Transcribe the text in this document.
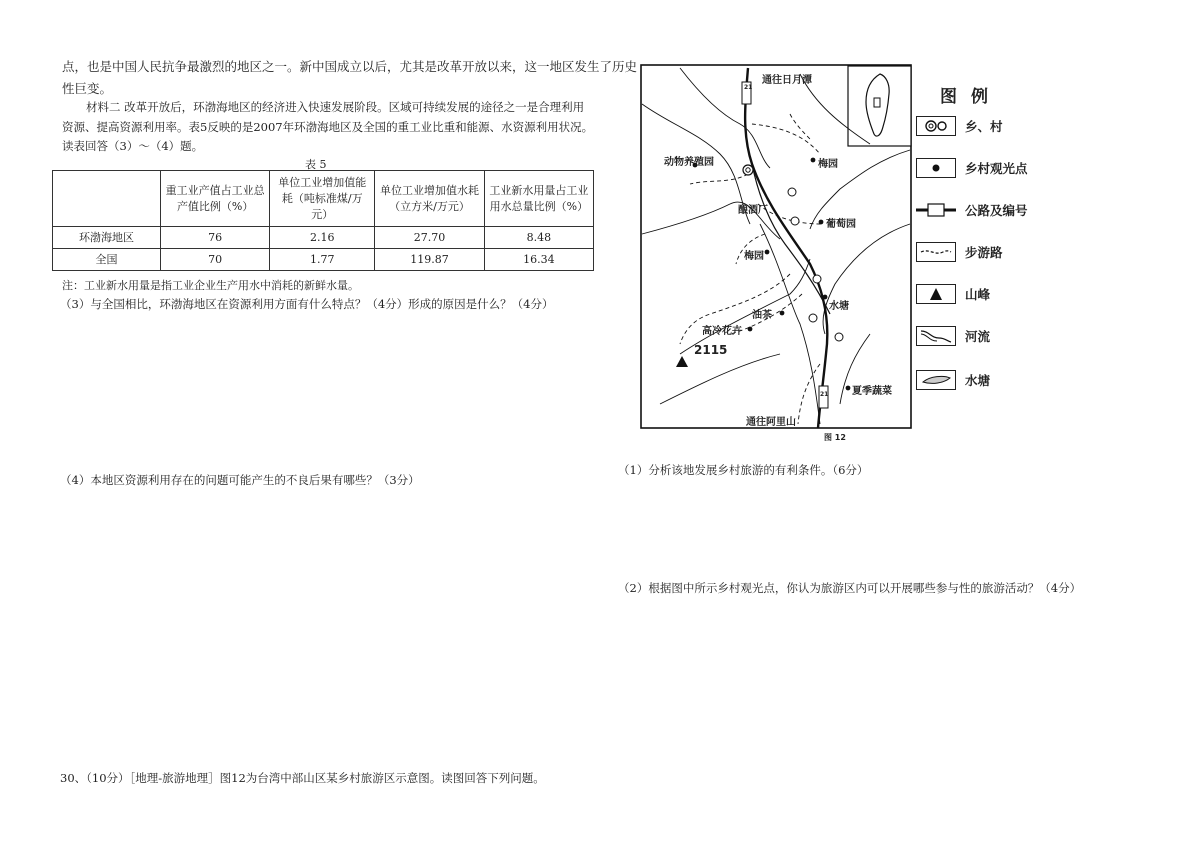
点，也是中国人民抗争最激烈的地区之一。新中国成立以后，尤其是改革开放以来，这一地区发生了历史
性巨变。
材料二 改革开放后，环渤海地区的经济进入快速发展阶段。区域可持续发展的途径之一是合理利用
资源、提高资源利用率。表5反映的是2007年环渤海地区及全国的重工业比重和能源、水资源利用状况。
读表回答（3）～（4）题。
表 5
	重工业产值占工业总产值比例（%）	单位工业增加值能耗（吨标准煤/万元）	单位工业增加值水耗（立方米/万元）	工业新水用量占工业用水总量比例（%）
环渤海地区	76	2.16	27.70	8.48
全国	70	1.77	119.87	16.34
注：工业新水用量是指工业企业生产用水中消耗的新鲜水量。
（3）与全国相比，环渤海地区在资源利用方面有什么特点？（4分）形成的原因是什么？（4分）
（4）本地区资源利用存在的问题可能产生的不良后果有哪些？（3分）
30、（10分）［地理-旅游地理］图12为台湾中部山区某乡村旅游区示意图。读图回答下列问题。
通往日月潭
动物养殖园	梅园
酿酒厂
葡萄园
梅园
水塘
油茶
高冷花卉
2115
夏季蔬菜
通往阿里山
21
21
图 12
图例
乡、村
乡村观光点
公路及编号
步游路
山峰
河流
水塘
（1）分析该地发展乡村旅游的有利条件。（6分）
（2）根据图中所示乡村观光点，你认为旅游区内可以开展哪些参与性的旅游活动？（4分）
